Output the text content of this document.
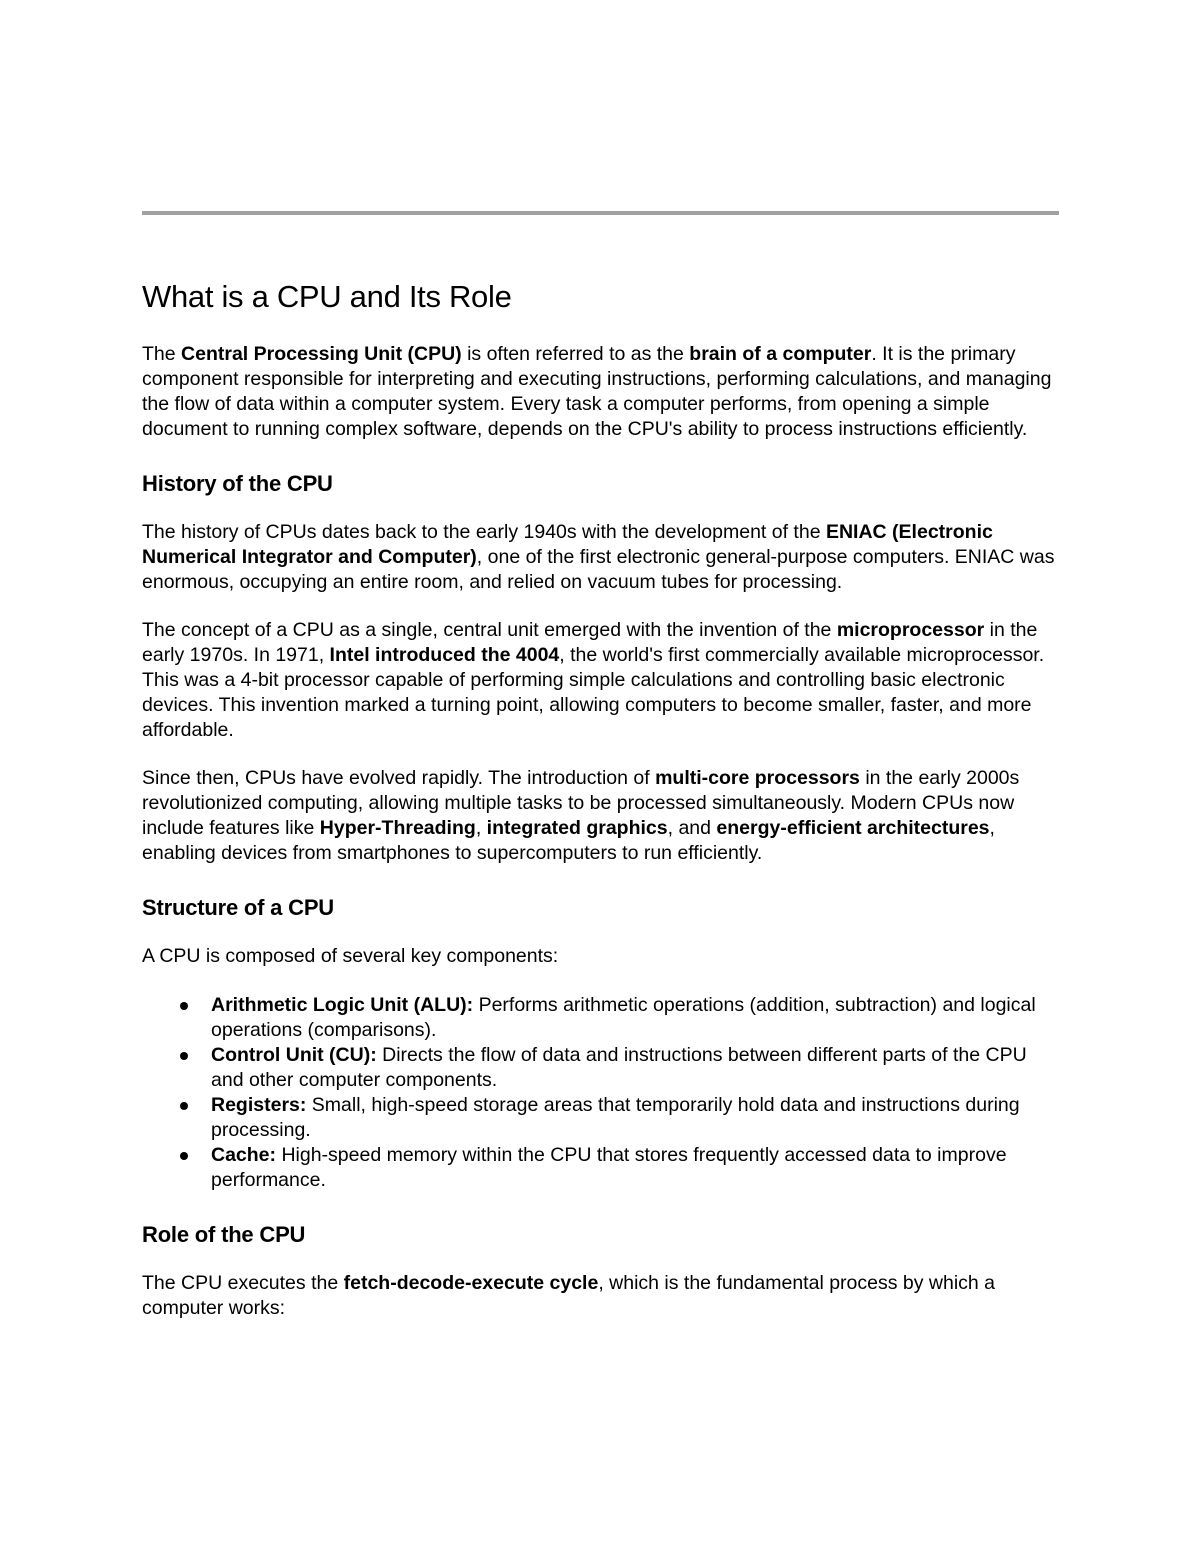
What is a CPU and Its Role

The Central Processing Unit (CPU) is often referred to as the brain of a computer. It is the primary component responsible for interpreting and executing instructions, performing calculations, and managing the flow of data within a computer system. Every task a computer performs, from opening a simple document to running complex software, depends on the CPU's ability to process instructions efficiently.

History of the CPU

The history of CPUs dates back to the early 1940s with the development of the ENIAC (Electronic Numerical Integrator and Computer), one of the first electronic general-purpose computers. ENIAC was enormous, occupying an entire room, and relied on vacuum tubes for processing.

The concept of a CPU as a single, central unit emerged with the invention of the microprocessor in the early 1970s. In 1971, Intel introduced the 4004, the world's first commercially available microprocessor. This was a 4-bit processor capable of performing simple calculations and controlling basic electronic devices. This invention marked a turning point, allowing computers to become smaller, faster, and more affordable.

Since then, CPUs have evolved rapidly. The introduction of multi-core processors in the early 2000s revolutionized computing, allowing multiple tasks to be processed simultaneously. Modern CPUs now include features like Hyper-Threading, integrated graphics, and energy-efficient architectures, enabling devices from smartphones to supercomputers to run efficiently.

Structure of a CPU

A CPU is composed of several key components:

Arithmetic Logic Unit (ALU): Performs arithmetic operations (addition, subtraction) and logical operations (comparisons).
Control Unit (CU): Directs the flow of data and instructions between different parts of the CPU and other computer components.
Registers: Small, high-speed storage areas that temporarily hold data and instructions during processing.
Cache: High-speed memory within the CPU that stores frequently accessed data to improve performance.
Role of the CPU

The CPU executes the fetch-decode-execute cycle, which is the fundamental process by which a computer works:
